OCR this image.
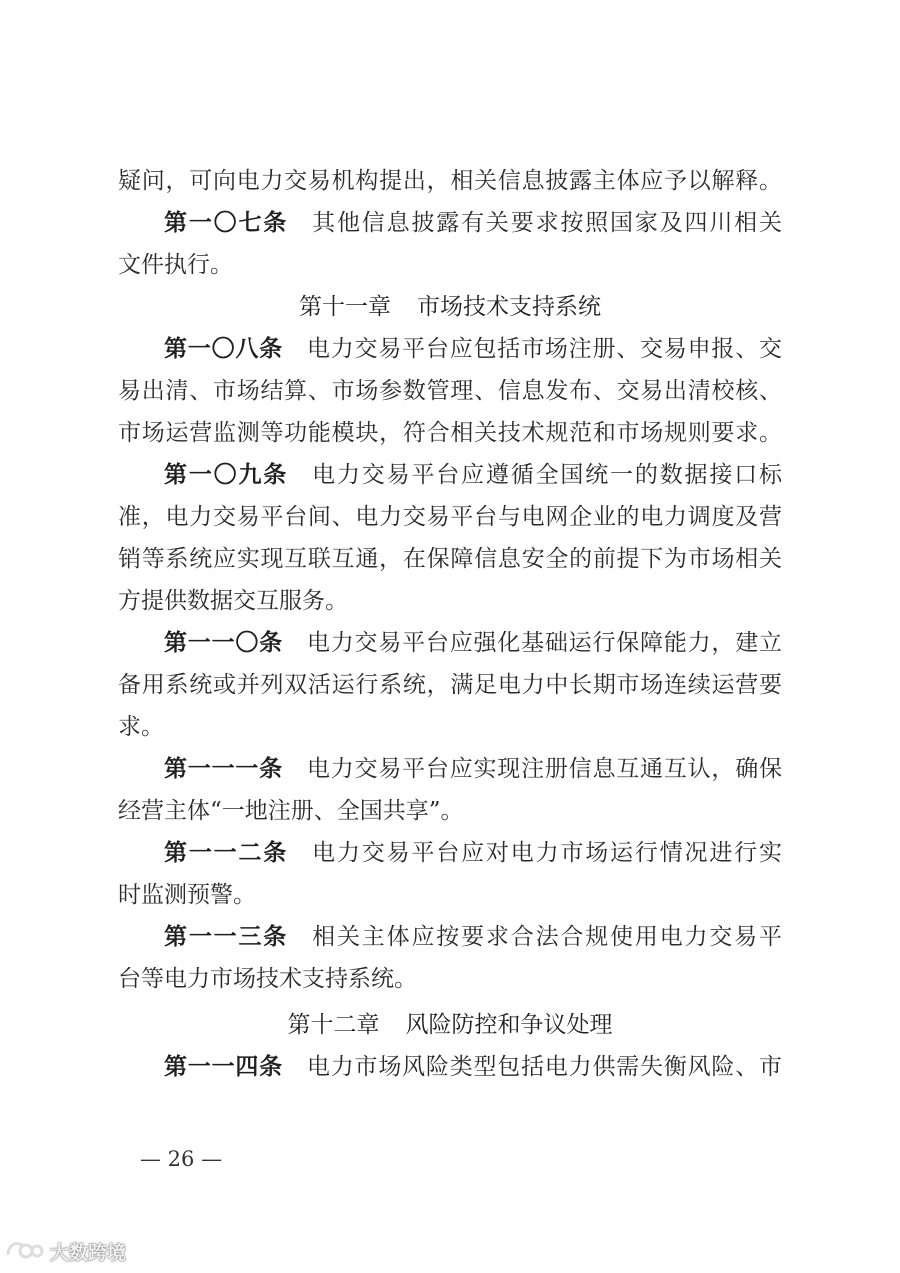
疑问，可向电力交易机构提出，相关信息披露主体应予以解释。
第一〇七条 其他信息披露有关要求按照国家及四川相关
文件执行。
第十一章 市场技术支持系统
第一〇八条 电力交易平台应包括市场注册、交易申报、交
易出清、市场结算、市场参数管理、信息发布、交易出清校核、
市场运营监测等功能模块，符合相关技术规范和市场规则要求。
第一〇九条 电力交易平台应遵循全国统一的数据接口标
准，电力交易平台间、电力交易平台与电网企业的电力调度及营
销等系统应实现互联互通，在保障信息安全的前提下为市场相关
方提供数据交互服务。
第一一〇条 电力交易平台应强化基础运行保障能力，建立
备用系统或并列双活运行系统，满足电力中长期市场连续运营要
求。
第一一一条 电力交易平台应实现注册信息互通互认，确保
经营主体“一地注册、全国共享”。
第一一二条 电力交易平台应对电力市场运行情况进行实
时监测预警。
第一一三条 相关主体应按要求合法合规使用电力交易平
台等电力市场技术支持系统。
第十二章 风险防控和争议处理
第一一四条 电力市场风险类型包括电力供需失衡风险、市
— 26 —
大数跨境
